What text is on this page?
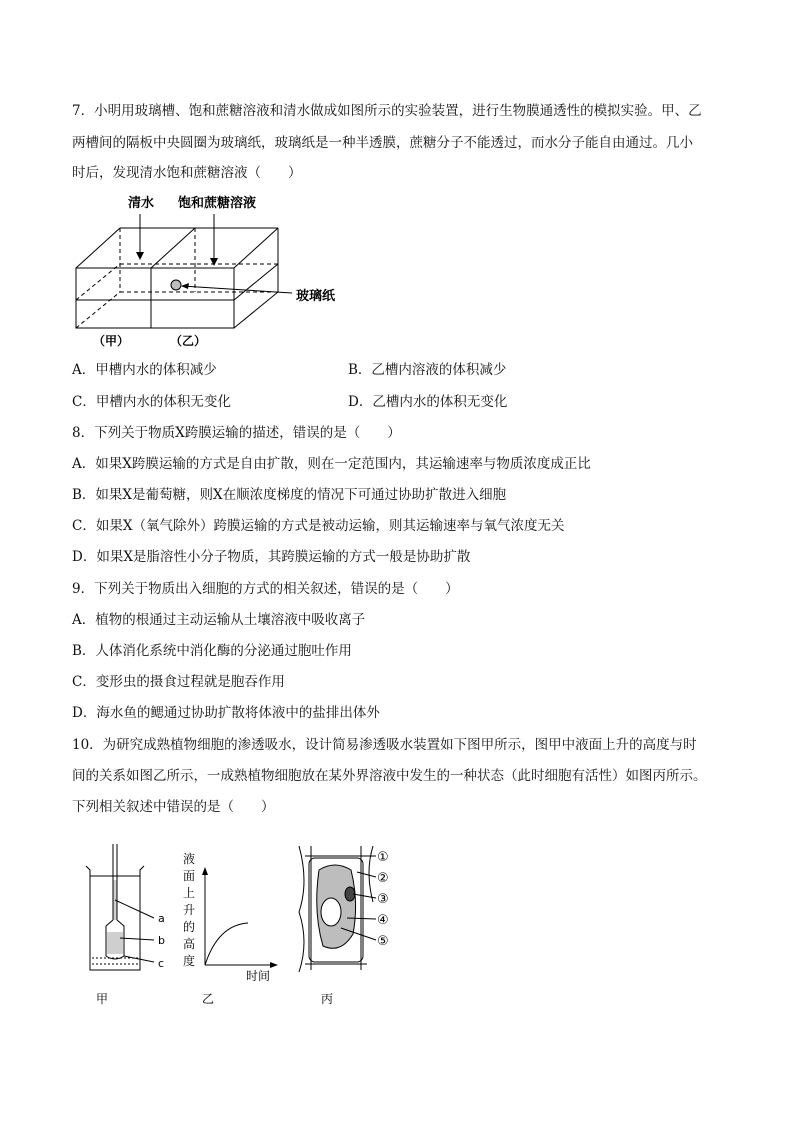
7．小明用玻璃槽、饱和蔗糖溶液和清水做成如图所示的实验装置，进行生物膜通透性的模拟实验。甲、乙
两槽间的隔板中央圆圈为玻璃纸，玻璃纸是一种半透膜，蔗糖分子不能透过，而水分子能自由通过。几小
时后，发现清水饱和蔗糖溶液（　　）
清水 饱和蔗糖溶液
玻璃纸
（甲）	（乙）
A．甲槽内水的体积减少	B．乙槽内溶液的体积减少
C．甲槽内水的体积无变化	D．乙槽内水的体积无变化
8．下列关于物质X跨膜运输的描述，错误的是（　　）
A．如果X跨膜运输的方式是自由扩散，则在一定范围内，其运输速率与物质浓度成正比
B．如果X是葡萄糖，则X在顺浓度梯度的情况下可通过协助扩散进入细胞
C．如果X（氧气除外）跨膜运输的方式是被动运输，则其运输速率与氧气浓度无关
D．如果X是脂溶性小分子物质，其跨膜运输的方式一般是协助扩散
9．下列关于物质出入细胞的方式的相关叙述，错误的是（　　）
A．植物的根通过主动运输从土壤溶液中吸收离子
B．人体消化系统中消化酶的分泌通过胞吐作用
C．变形虫的摄食过程就是胞吞作用
D．海水鱼的鳃通过协助扩散将体液中的盐排出体外
10．为研究成熟植物细胞的渗透吸水，设计简易渗透吸水装置如下图甲所示，图甲中液面上升的高度与时
间的关系如图乙所示，一成熟植物细胞放在某外界溶液中发生的一种状态（此时细胞有活性）如图丙所示。
下列相关叙述中错误的是（　　）
a
b
c
甲
液
面
上
升
的
高
度
时间
乙
①
②
③
④
⑤
丙
